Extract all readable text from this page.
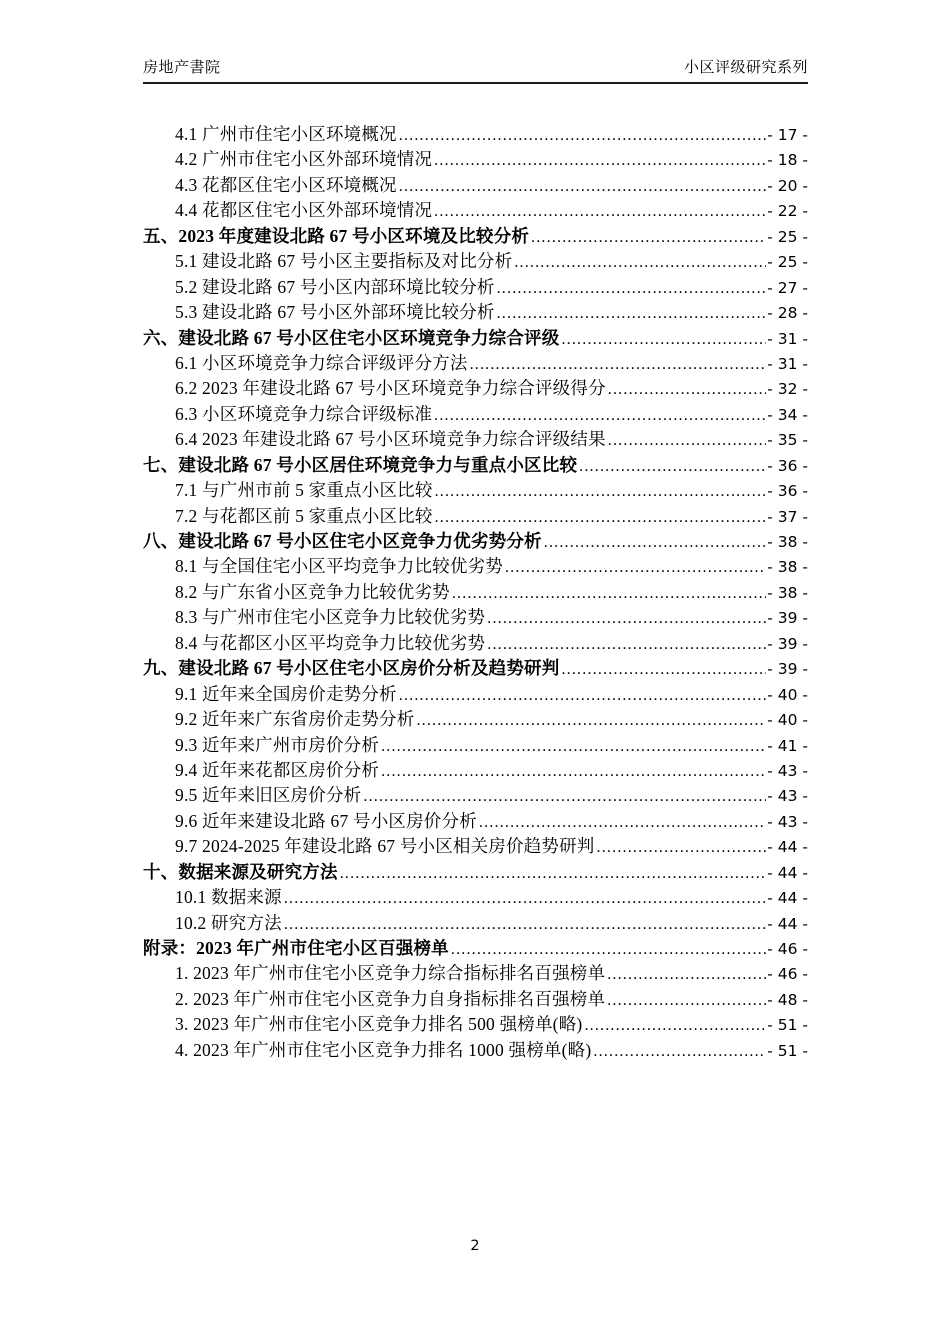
房地产書院	小区评级研究系列
4.1 广州市住宅小区环境概况 .....	- 17 -
4.2 广州市住宅小区外部环境情况 .....	- 18 -
4.3 花都区住宅小区环境概况 .....	- 20 -
4.4 花都区住宅小区外部环境情况 .....	- 22 -
五、2023 年度建设北路 67 号小区环境及比较分析 .....	- 25 -
5.1 建设北路 67 号小区主要指标及对比分析 .....	- 25 -
5.2 建设北路 67 号小区内部环境比较分析 .....	- 27 -
5.3 建设北路 67 号小区外部环境比较分析 .....	- 28 -
六、建设北路 67 号小区住宅小区环境竞争力综合评级 .....	- 31 -
6.1 小区环境竞争力综合评级评分方法 .....	- 31 -
6.2 2023 年建设北路 67 号小区环境竞争力综合评级得分 .....	- 32 -
6.3 小区环境竞争力综合评级标准 .....	- 34 -
6.4 2023 年建设北路 67 号小区环境竞争力综合评级结果 .....	- 35 -
七、建设北路 67 号小区居住环境竞争力与重点小区比较 .....	- 36 -
7.1 与广州市前 5 家重点小区比较 .....	- 36 -
7.2 与花都区前 5 家重点小区比较 .....	- 37 -
八、建设北路 67 号小区住宅小区竞争力优劣势分析 .....	- 38 -
8.1 与全国住宅小区平均竞争力比较优劣势 .....	- 38 -
8.2 与广东省小区竞争力比较优劣势 .....	- 38 -
8.3 与广州市住宅小区竞争力比较优劣势 .....	- 39 -
8.4 与花都区小区平均竞争力比较优劣势 .....	- 39 -
九、建设北路 67 号小区住宅小区房价分析及趋势研判 .....	- 39 -
9.1 近年来全国房价走势分析 .....	- 40 -
9.2 近年来广东省房价走势分析 .....	- 40 -
9.3 近年来广州市房价分析 .....	- 41 -
9.4 近年来花都区房价分析 .....	- 43 -
9.5 近年来旧区房价分析 .....	- 43 -
9.6 近年来建设北路 67 号小区房价分析 .....	- 43 -
9.7 2024-2025 年建设北路 67 号小区相关房价趋势研判 .....	- 44 -
十、数据来源及研究方法 .....	- 44 -
10.1 数据来源 .....	- 44 -
10.2 研究方法 .....	- 44 -
附录：2023 年广州市住宅小区百强榜单 .....	- 46 -
1. 2023 年广州市住宅小区竞争力综合指标排名百强榜单 .....	- 46 -
2. 2023 年广州市住宅小区竞争力自身指标排名百强榜单 .....	- 48 -
3. 2023 年广州市住宅小区竞争力排名 500 强榜单(略) .....	- 51 -
4. 2023 年广州市住宅小区竞争力排名 1000 强榜单(略) .....	- 51 -
2
